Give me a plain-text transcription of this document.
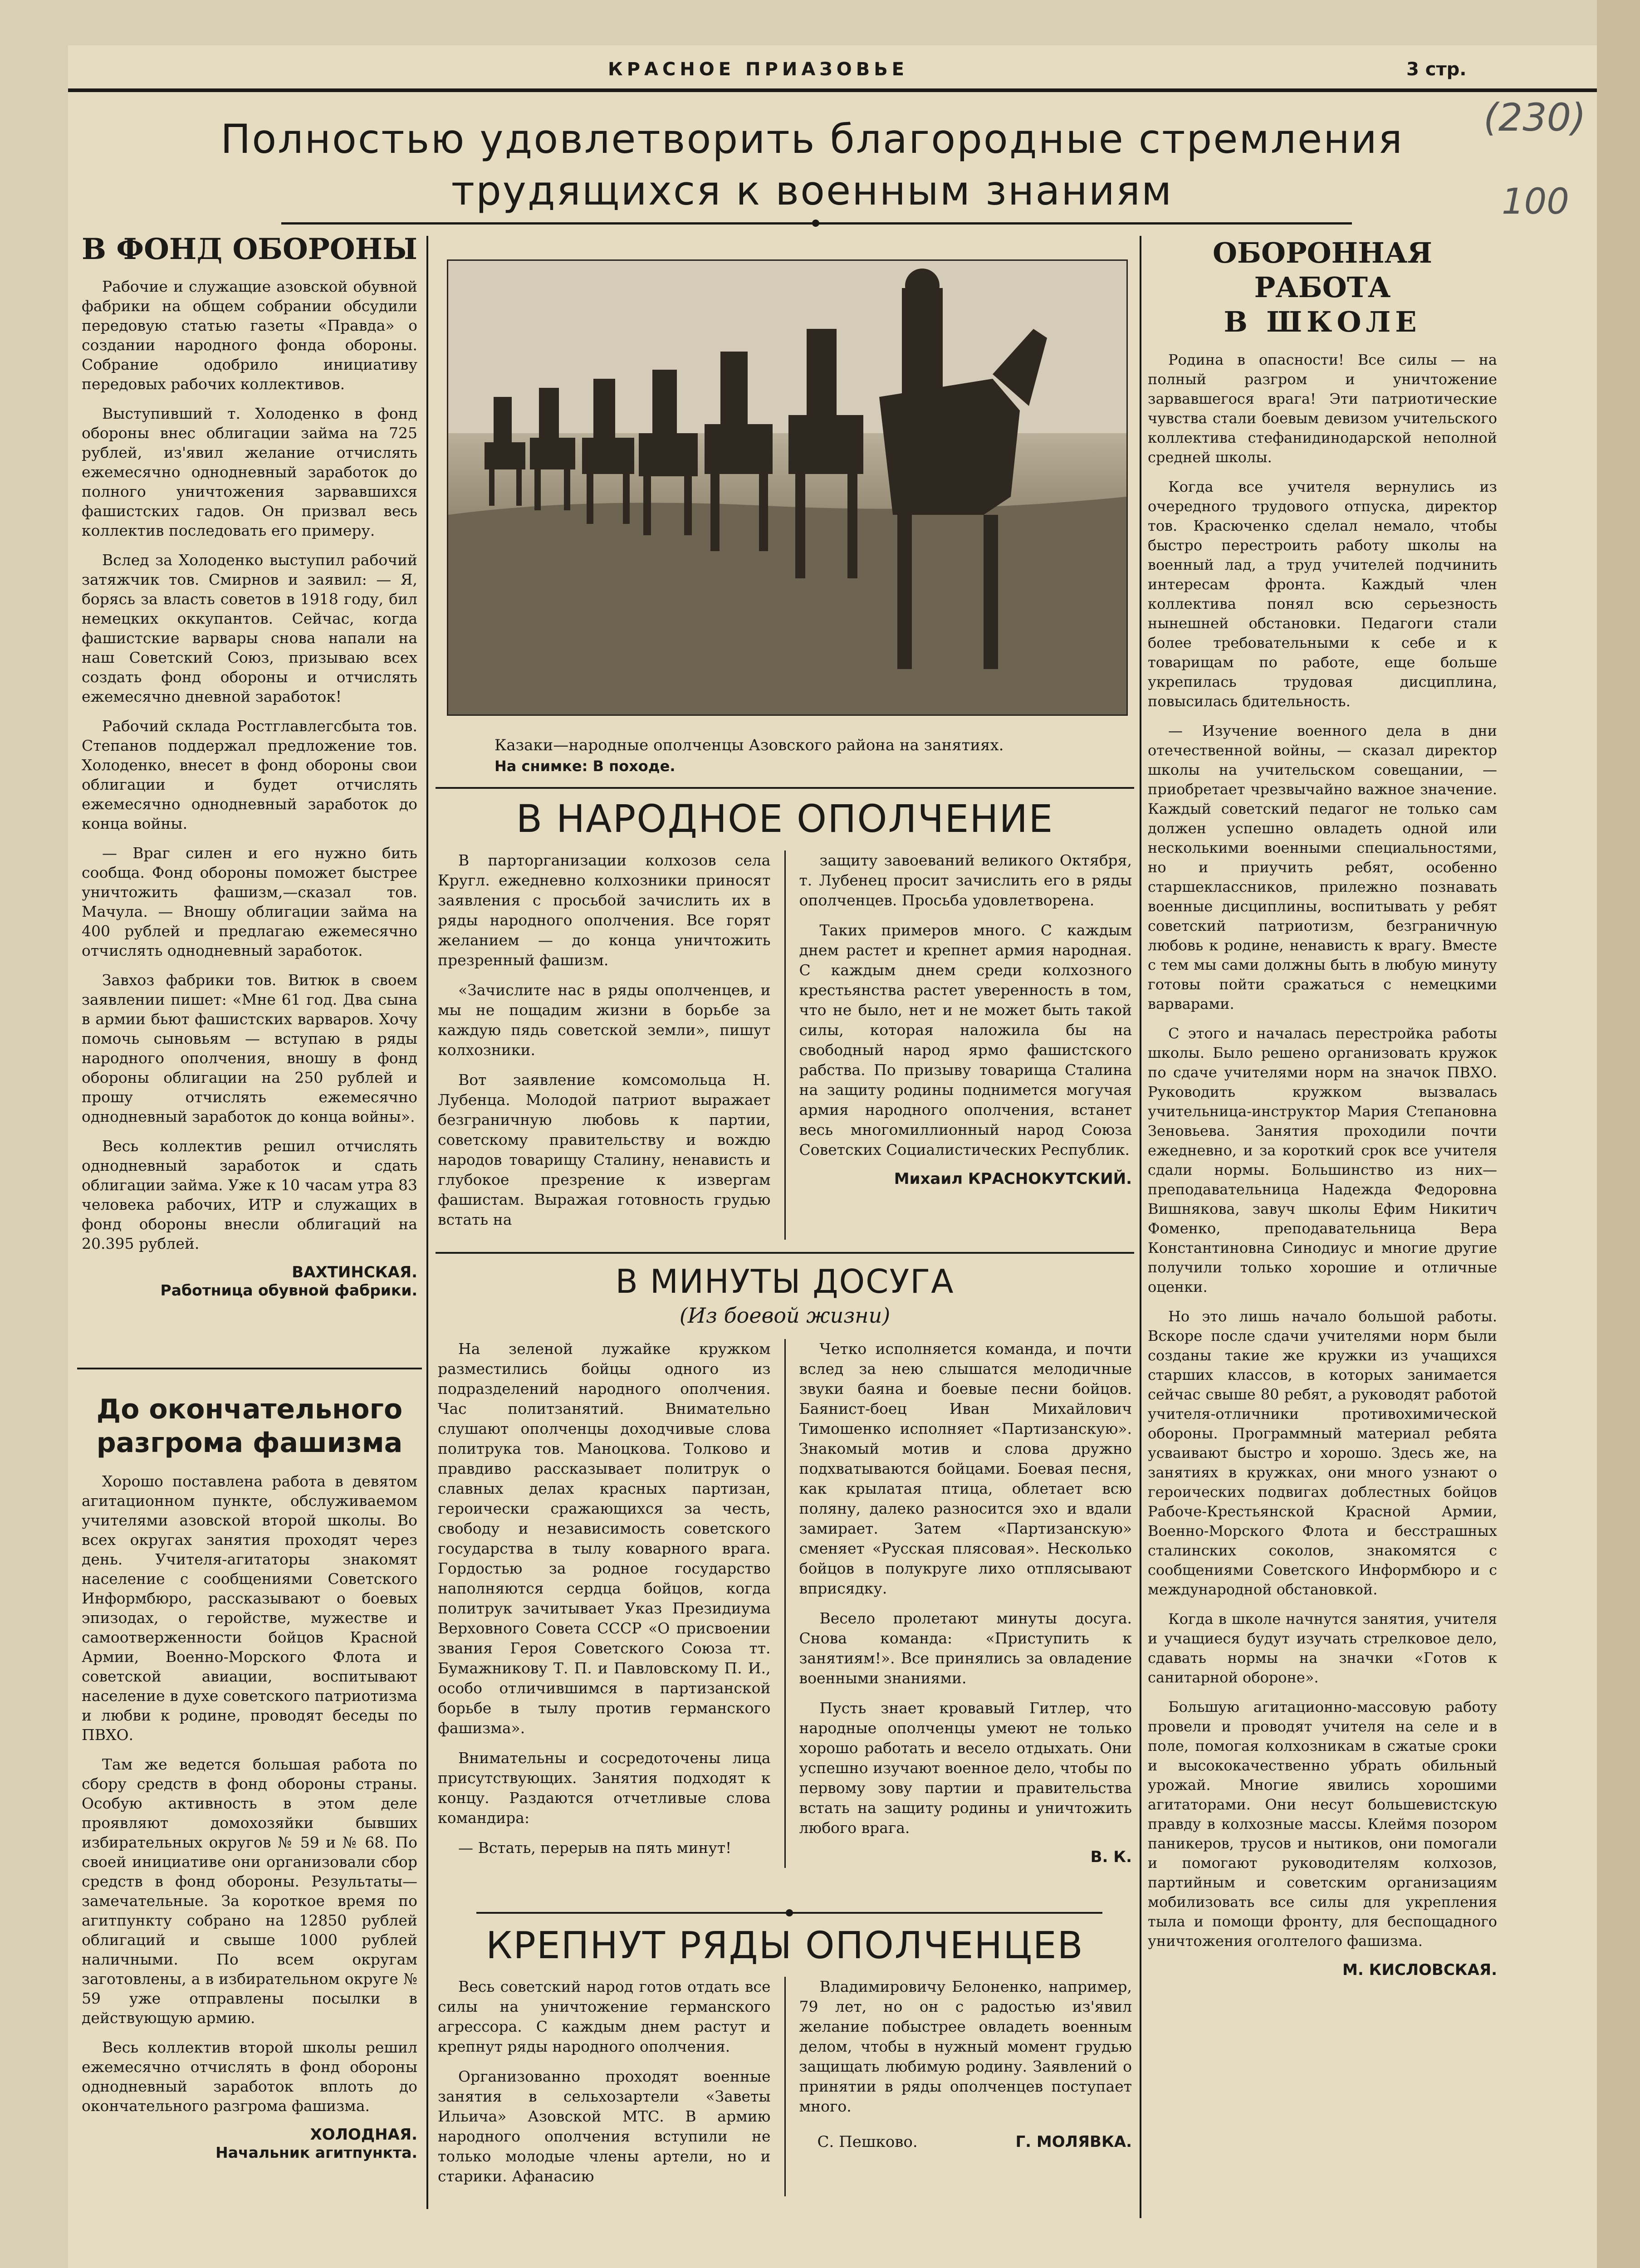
КРАСНОЕ ПРИАЗОВЬЕ	3 стр.
(230)
100
Полностью удовлетворить благородные стремления
трудящихся к военным знаниям
В ФОНД ОБОРОНЫ

Рабочие и служащие азовской обувной фабрики на общем собрании обсудили передовую статью газеты «Правда» о создании народного фонда обороны. Собрание одобрило инициативу передовых рабочих коллективов.

Выступивший т. Холоденко в фонд обороны внес облигации займа на 725 рублей, из'явил желание отчислять ежемесячно однодневный заработок до полного уничтожения зарвавшихся фашистских гадов. Он призвал весь коллектив последовать его примеру.

Вслед за Холоденко выступил рабочий затяжчик тов. Смирнов и заявил: — Я, борясь за власть советов в 1918 году, бил немецких оккупантов. Сейчас, когда фашистские варвары снова напали на наш Советский Союз, призываю всех создать фонд обороны и отчислять ежемесячно дневной заработок!

Рабочий склада Ростглавлегсбыта тов. Степанов поддержал предложение тов. Холоденко, внесет в фонд обороны свои облигации и будет отчислять ежемесячно однодневный заработок до конца войны.

— Враг силен и его нужно бить сообща. Фонд обороны поможет быстрее уничтожить фашизм,—сказал тов. Мачула. — Вношу облигации займа на 400 рублей и предлагаю ежемесячно отчислять однодневный заработок.

Завхоз фабрики тов. Витюк в своем заявлении пишет: «Мне 61 год. Два сына в армии бьют фашистских варваров. Хочу помочь сыновьям — вступаю в ряды народного ополчения, вношу в фонд обороны облигации на 250 рублей и прошу отчислять ежемесячно однодневный заработок до конца войны».

Весь коллектив решил отчислять однодневный заработок и сдать облигации займа. Уже к 10 часам утра 83 человека рабочих, ИТР и служащих в фонд обороны внесли облигаций на 20.395 рублей.

ВАХТИНСКАЯ.
Работница обувной фабрики.
До окончательного
разгрома фашизма

Хорошо поставлена работа в девятом агитационном пункте, обслуживаемом учителями азовской второй школы. Во всех округах занятия проходят через день. Учителя-агитаторы знакомят население с сообщениями Советского Информбюро, рассказывают о боевых эпизодах, о геройстве, мужестве и самоотверженности бойцов Красной Армии, Военно-Морского Флота и советской авиации, воспитывают население в духе советского патриотизма и любви к родине, проводят беседы по ПВХО.

Там же ведется большая работа по сбору средств в фонд обороны страны. Особую активность в этом деле проявляют домохозяйки бывших избирательных округов № 59 и № 68. По своей инициативе они организовали сбор средств в фонд обороны. Результаты—замечательные. За короткое время по агитпункту собрано на 12850 рублей облигаций и свыше 1000 рублей наличными. По всем округам заготовлены, а в избирательном округе № 59 уже отправлены посылки в действующую армию.

Весь коллектив второй школы решил ежемесячно отчислять в фонд обороны однодневный заработок вплоть до окончательного разгрома фашизма.

ХОЛОДНАЯ.
Начальник агитпункта.
Казаки—народные ополченцы Азовского района на занятиях.
На снимке: В походе.
В НАРОДНОЕ ОПОЛЧЕНИЕ

В партоpганизации колхозов села Кругл. ежедневно колхозники приносят заявления с просьбой зачислить их в ряды народного ополчения. Все горят желанием — до конца уничтожить презренный фашизм.

«Зачислите нас в ряды ополченцев, и мы не пощадим жизни в борьбе за каждую пядь советской земли», пишут колхозники.

Вот заявление комсомольца Н. Лубенца. Молодой патриот выражает безграничную любовь к партии, советскому правительству и вождю народов товарищу Сталину, ненависть и глубокое презрение к извергам фашистам. Выражая готовность грудью встать на

защиту завоеваний великого Октября, т. Лубенец просит зачислить его в ряды ополченцев. Просьба удовлетворена.

Таких примеров много. С каждым днем растет и крепнет армия народная. С каждым днем среди колхозного крестьянства растет уверенность в том, что не было, нет и не может быть такой силы, которая наложила бы на свободный народ ярмо фашистского рабства. По призыву товарища Сталина на защиту родины поднимется могучая армия народного ополчения, встанет весь многомиллионный народ Союза Советских Социалистических Республик.

Михаил КРАСНОКУТСКИЙ.
В МИНУТЫ ДОСУГА
(Из боевой жизни)

На зеленой лужайке кружком разместились бойцы одного из подразделений народного ополчения. Час политзанятий. Внимательно слушают ополченцы доходчивые слова политрука тов. Маноцкова. Толково и правдиво рассказывает политрук о славных делах красных партизан, героически сражающихся за честь, свободу и независимость советского государства в тылу коварного врага. Гордостью за родное государство наполняются сердца бойцов, когда политрук зачитывает Указ Президиума Верховного Совета СССР «О присвоении звания Героя Советского Союза тт. Бумажникову Т. П. и Павловскому П. И., особо отличившимся в партизанской борьбе в тылу против германского фашизма».

Внимательны и сосредоточены лица присутствующих. Занятия подходят к концу. Раздаются отчетливые слова командира:

— Встать, перерыв на пять минут!

Четко исполняется команда, и почти вслед за нею слышатся мелодичные звуки баяна и боевые песни бойцов. Баянист-боец Иван Михайлович Тимошенко исполняет «Партизанскую». Знакомый мотив и слова дружно подхватываются бойцами. Боевая песня, как крылатая птица, облетает всю поляну, далеко разносится эхо и вдали замирает. Затем «Партизанскую» сменяет «Русская плясовая». Несколько бойцов в полукруге лихо отплясывают вприсядку.

Весело пролетают минуты досуга. Снова команда: «Приступить к занятиям!». Все принялись за овладение военными знаниями.

Пусть знает кровавый Гитлер, что народные ополченцы умеют не только хорошо работать и весело отдыхать. Они успешно изучают военное дело, чтобы по первому зову партии и правительства встать на защиту родины и уничтожить любого врага.

В. К.
КРЕПНУТ РЯДЫ ОПОЛЧЕНЦЕВ

Весь советский народ готов отдать все силы на уничтожение германского агрессора. С каждым днем растут и крепнут ряды народного ополчения.

Организованно проходят военные занятия в сельхозартели «Заветы Ильича» Азовской МТС. В армию народного ополчения вступили не только молодые члены артели, но и старики. Афанасию

Владимировичу Белоненко, например, 79 лет, но он с радостью из'явил желание побыстрее овладеть военным делом, чтобы в нужный момент грудью защищать любимую родину. Заявлений о принятии в ряды ополченцев поступает много.

С. Пешково.	Г. МОЛЯВКА.
ОБОРОННАЯ РАБОТА
В ШКОЛЕ

Родина в опасности! Все силы — на полный разгром и уничтожение зарвавшегося врага! Эти патриотические чувства стали боевым девизом учительского коллектива стефанидинодарской неполной средней школы.

Когда все учителя вернулись из очередного трудового отпуска, директор тов. Красюченко сделал немало, чтобы быстро перестроить работу школы на военный лад, а труд учителей подчинить интересам фронта. Каждый член коллектива понял всю серьезность нынешней обстановки. Педагоги стали более требовательными к себе и к товарищам по работе, еще больше укрепилась трудовая дисциплина, повысилась бдительность.

— Изучение военного дела в дни отечественной войны, — сказал директор школы на учительском совещании, — приобретает чрезвычайно важное значение. Каждый советский педагог не только сам должен успешно овладеть одной или несколькими военными специальностями, но и приучить ребят, особенно старшеклассников, прилежно познавать военные дисциплины, воспитывать у ребят советский патриотизм, безграничную любовь к родине, ненависть к врагу. Вместе с тем мы сами должны быть в любую минуту готовы пойти сражаться с немецкими варварами.

С этого и началась перестройка работы школы. Было решено организовать кружок по сдаче учителями норм на значок ПВХО. Руководить кружком вызвалась учительница-инструктор Мария Степановна Зеновьева. Занятия проходили почти ежедневно, и за короткий срок все учителя сдали нормы. Большинство из них—преподавательница Надежда Федоровна Вишнякова, завуч школы Ефим Никитич Фоменко, преподавательница Вера Константиновна Синодиус и многие другие получили только хорошие и отличные оценки.

Но это лишь начало большой работы. Вскоре после сдачи учителями норм были созданы такие же кружки из учащихся старших классов, в которых занимается сейчас свыше 80 ребят, а руководят работой учителя-отличники противохимической обороны. Программный материал ребята усваивают быстро и хорошо. Здесь же, на занятиях в кружках, они много узнают о героических подвигах доблестных бойцов Рабоче-Крестьянской Красной Армии, Военно-Морского Флота и бесстрашных сталинских соколов, знакомятся с сообщениями Советского Информбюро и с международной обстановкой.

Когда в школе начнутся занятия, учителя и учащиеся будут изучать стрелковое дело, сдавать нормы на значки «Готов к санитарной обороне».

Большую агитационно-массовую работу провели и проводят учителя на селе и в поле, помогая колхозникам в сжатые сроки и высококачественно убрать обильный урожай. Многие явились хорошими агитаторами. Они несут большевистскую правду в колхозные массы. Клеймя позором паникеров, трусов и нытиков, они помогали и помогают руководителям колхозов, партийным и советским организациям мобилизовать все силы для укрепления тыла и помощи фронту, для беспощадного уничтожения оголтелого фашизма.

М. КИСЛОВСКАЯ.
